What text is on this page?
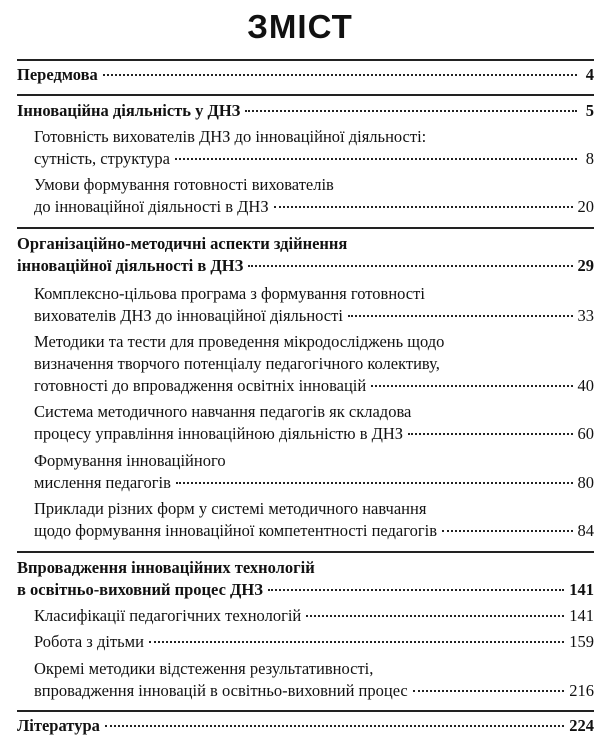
ЗМІСТ
Передмова	4
Інноваційна діяльність у ДНЗ	5
Готовність вихователів ДНЗ до інноваційної діяльності:
сутність, структура	8
Умови формування готовності вихователів
до інноваційної діяльності в ДНЗ	20
Організаційно-методичні аспекти здійнення
інноваційної діяльності в ДНЗ	29
Комплексно-цільова програма з формування готовності
вихователів ДНЗ до інноваційної діяльності	33
Методики та тести для проведення мікродосліджень щодо
визначення творчого потенціалу педагогічного колективу,
готовності до впровадження освітніх інновацій	40
Система методичного навчання педагогів як складова
процесу управління інноваційною діяльністю в ДНЗ	60
Формування інноваційного
мислення педагогів	80
Приклади різних форм у системі методичного навчання
щодо формування інноваційної компетентності педагогів	84
Впровадження інноваційних технологій
в освітньо-виховний процес ДНЗ	141
Класифікації педагогічних технологій	141
Робота з дітьми	159
Окремі методики відстеження результативності,
впровадження інновацій в освітньо-виховний процес	216
Література	224
